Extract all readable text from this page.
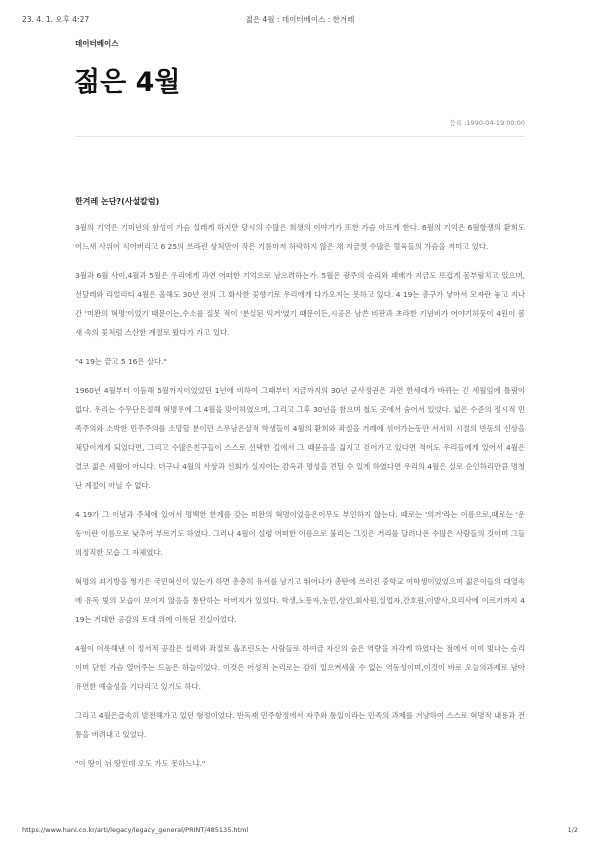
23. 4. 1. 오후 4:27	젊은 4월 : 데이터베이스 : 한겨레
데이터베이스
젊은 4월
등록 :1990-04-19 00:00
한겨레 논단?(사설칼럼)

3월의 기억은 기미년의 함성이 가슴 설레게 하지만 당시의 수많은 희생의 이야기가 또한 가슴 아프게 한다. 6월의 기억은 6월항쟁의 환희도 어느새 사위어 식어버리고 6 25의 쓰라린 상처만이 작은 기름마저 허락하지 않은 채 지금껏 수많은 혈육들의 가슴을 저미고 있다.

3월과 6월 사이,4월과 5월은 우리에게 과연 어떠한 기억으로 남으려하는가. 5월은 광주의 승리와 패배가 지금도 뜨겁게 몸부림치고 있으며,선달레와 리얼리티 4월은 올해도 30년 전의 그 화사한 꽃향기로 우리에게 다가오지는 못하고 있다. 4 19는 총구가 낳아서 모자란 놓고 지나간 '미완의 혁명'이었기 때문이는,수소를 질못 적이 '분실된 익거'였기 때문이든,시공은 남쓴 비판과 초라한 기념비가 어야기허듯이 4원이 봄새 속의 꽃처럼 스산한 계절로 왔다가 가고 있다.

"4 19는 끝고 5 16은 살다."

1960년 4월부터 이듬해 5월까지이었었던 1년에 비하여 그때부터 지금까지의 30년 군사정권은 과연 한세대가 바뀌는 긴 세월임에 틀림이 없다. 우리는 수무단은절해 혁명우에 그 4월을 맞이하였으며, 그리고 그후 30년을 참으며 철도 곳에서 숨어서 있었다. 넓은 수준의 정시적 민족주의와 소박한 민주주의를 소망할 분이던 스무남은살적 학생들이 4월의 환희와 좌절을 거례에 섞어가는동안 서서히 시절의 반동의 신상을 체달이게게 되었다면, 그리고 수많은친구들이 스스로 선택한 길에서 그 때묻음을 짊지고 걷어가고 있다면 적어도 우리들에게 있어서 4월은 결코 젊은 세월이 아니다. 더구나 4월의 사상과 신회가 실지어는 감옥과 명성을 견딜 수 있게 하였다면 우리의 4월은 실로 순인하리만큼 명청난 계절이 아닐 수 없다.

4 19가 그 이념과 주체에 있어서 명백한 한계를 갖는 미완의 혁명이었음은이무도 부인하지 않는다. 때로는 '의거'라는 이름으로,때로는 '운동'이란 이름으로 낮추어 부르기도 하였다. 그러나 4월이 설령 어떠한 이름으로 불리는 그것은 거리를 달려나온 수많은 사람들의 것이며 그들의정직한 모습 그 자체였다.

혁명의 쇠기방을 쩡기은 국민혁신이 있는가 하면 총총히 유서를 남기고 뛰어나가 총탄에 쓰러진 중학교 여학생이었었으며 젊은이들의 대열속에 유독 빛의 모습이 보이지 않음을 통탄하는 아버지가 있었다. 학생,노동자,농민,상인,회사원,실업자,간호원,이발사,요리사에 이르기까지 4 19는 거대한 공감의 토대 위에 이룩된 진실이었다.

4월이 이룩해낸 이 정서적 공감은 실력와 좌절로 옮조린도는 사람들로 하여금 자신의 숨은 역량을 자각케 하였다는 점에서 이미 빛나는 승리이며 닫힌 가슴 열어주는 드높은 하늘이었다. 이것은 어성적 논리로는 감히 일으켜세울 수 없는 역동성이며,이것이 바로 오늘의과제로 남아 유연한 예술성을 기다리고 있기도 하다.

그리고 4월은급속히 발전해가고 있던 형정이었다. 반독재 민주항정에서 자주와 통일이라는 민족의 과제를 겨냥하여 스스로 혁명적 내용과 전통을 버려내고 있었다.

"이 땅이 뉘 땅인데 오도 가도 못하느냐."

https://www.hani.co.kr/arti/legacy/legacy_general/PRINT/485135.html	1/2
